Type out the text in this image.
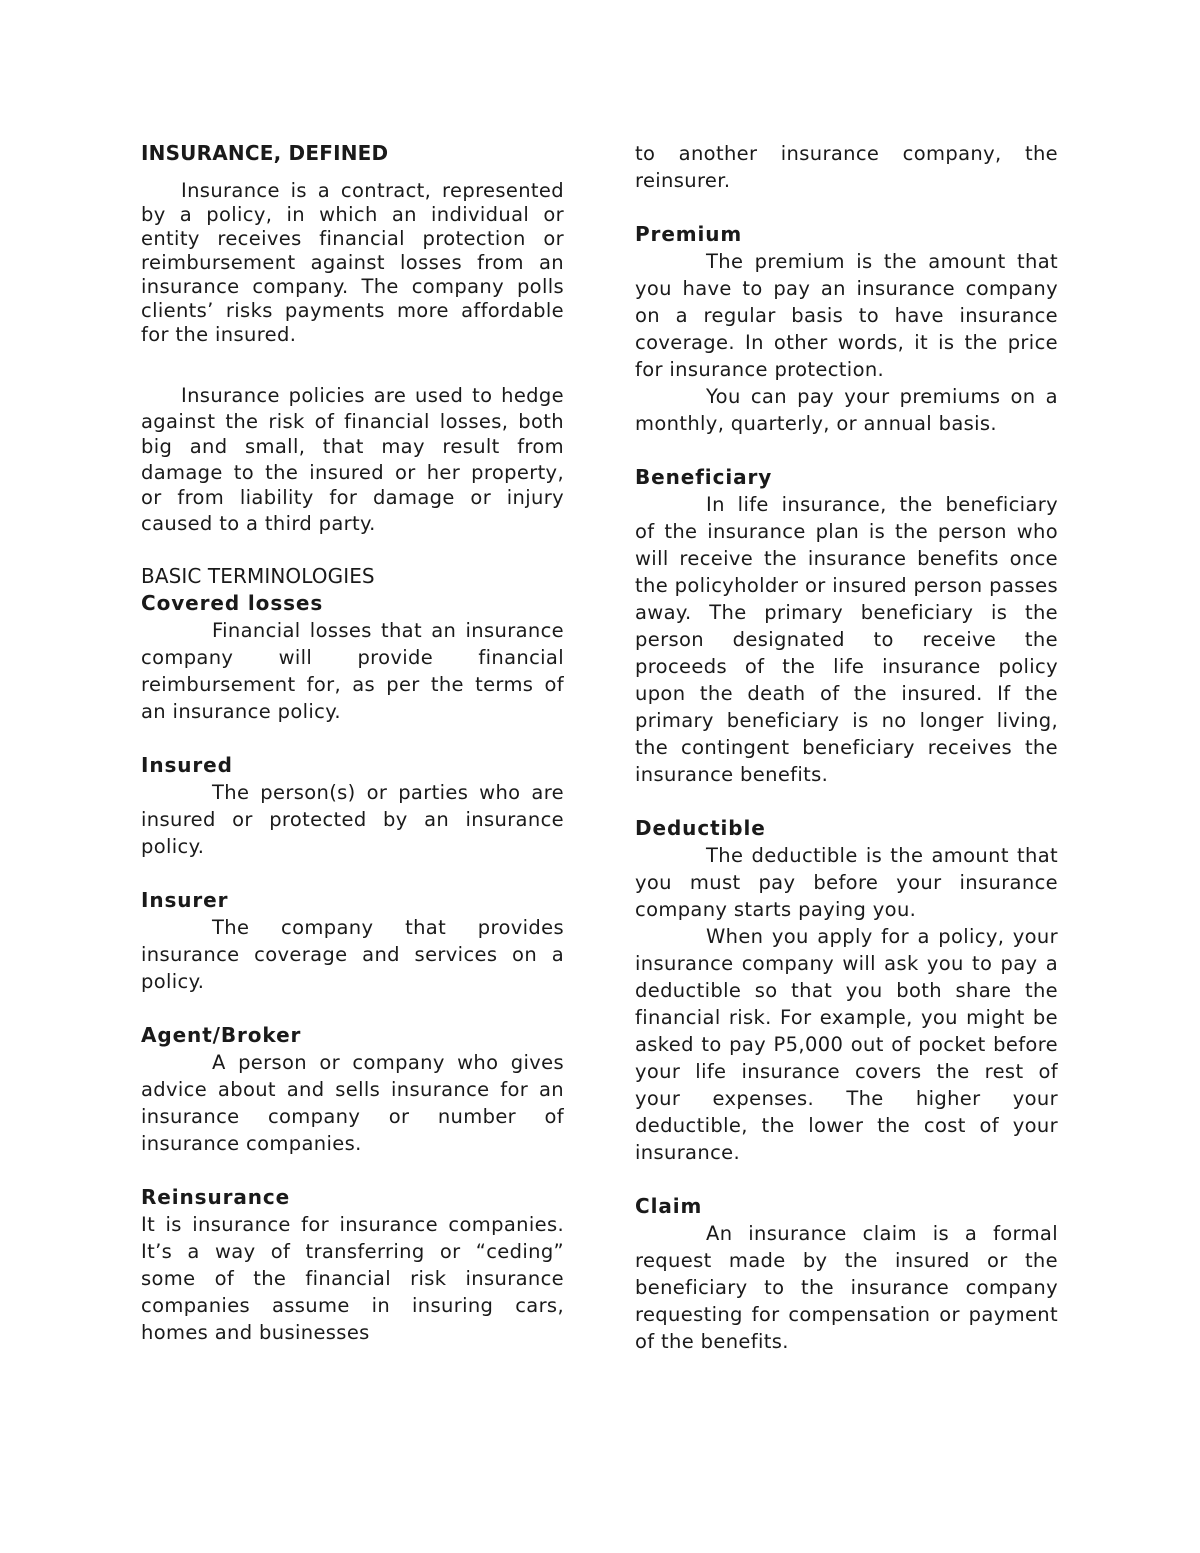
INSURANCE, DEFINED

Insurance is a contract, represented by a policy, in which an individual or entity receives financial protection or reimbursement against losses from an insurance company. The company polls clients’ risks payments more affordable for the insured.

Insurance policies are used to hedge against the risk of financial losses, both big and small, that may result from damage to the insured or her property, or from liability for damage or injury caused to a third party.

BASIC TERMINOLOGIES
Covered losses

Financial losses that an insurance company will provide financial reimbursement for, as per the terms of an insurance policy.

Insured

The person(s) or parties who are insured or protected by an insurance policy.

Insurer

The company that provides insurance coverage and services on a policy.

Agent/Broker

A person or company who gives advice about and sells insurance for an insurance company or number of insurance companies.

Reinsurance

It is insurance for insurance companies. It’s a way of transferring or “ceding” some of the financial risk insurance companies assume in insuring cars, homes and businesses

to another insurance company, the reinsurer.

Premium

The premium is the amount that you have to pay an insurance company on a regular basis to have insurance coverage. In other words, it is the price for insurance protection.

You can pay your premiums on a monthly, quarterly, or annual basis.

Beneficiary

In life insurance, the beneficiary of the insurance plan is the person who will receive the insurance benefits once the policyholder or insured person passes away. The primary beneficiary is the person designated to receive the proceeds of the life insurance policy upon the death of the insured. If the primary beneficiary is no longer living, the contingent beneficiary receives the insurance benefits.

Deductible

The deductible is the amount that you must pay before your insurance company starts paying you.

When you apply for a policy, your insurance company will ask you to pay a deductible so that you both share the financial risk. For example, you might be asked to pay P5,000 out of pocket before your life insurance covers the rest of your expenses. The higher your deductible, the lower the cost of your insurance.

Claim

An insurance claim is a formal request made by the insured or the beneficiary to the insurance company requesting for compensation or payment of the benefits.
